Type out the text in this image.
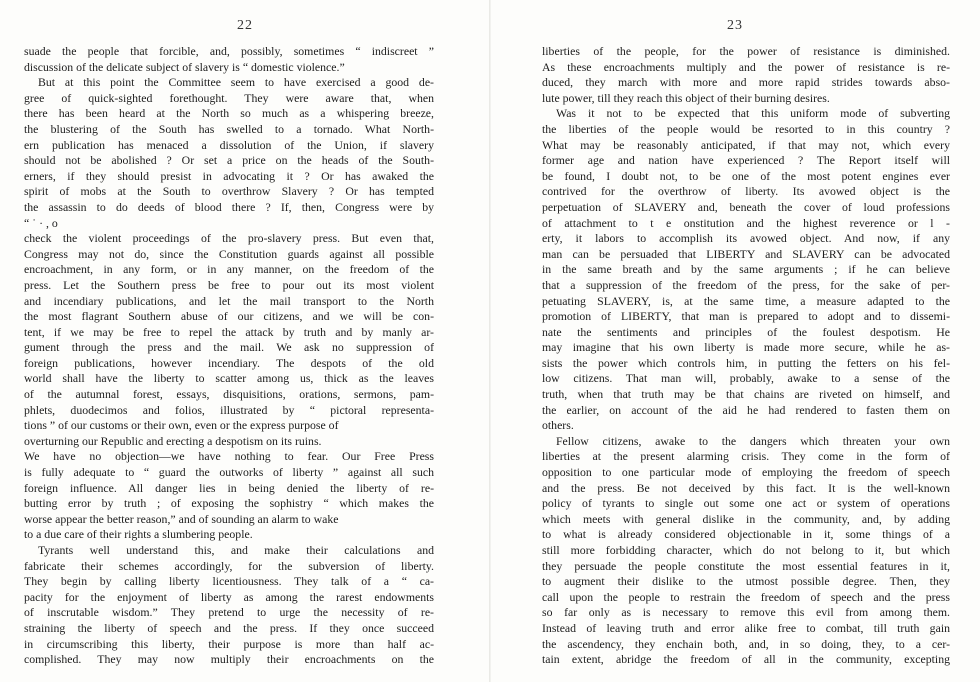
22
suade the people that forcible, and, possibly, sometimes “ indiscreet ”
discussion of the delicate subject of slavery is “ domestic violence.”
But at this point the Committee seem to have exercised a good de-
gree of quick-sighted forethought. They were aware that, when
there has been heard at the North so much as a whispering breeze,
the blustering of the South has swelled to a tornado. What North-
ern publication has menaced a dissolution of the Union, if slavery
should not be abolished ? Or set a price on the heads of the South-
erners, if they should presist in advocating it ? Or has awaked the
spirit of mobs at the South to overthrow Slavery ? Or has tempted
the assassin to do deeds of blood there ? If, then, Congress were by
“ ˙ · , o
check the violent proceedings of the pro-slavery press. But even that,
Congress may not do, since the Constitution guards against all possible
encroachment, in any form, or in any manner, on the freedom of the
press. Let the Southern press be free to pour out its most violent
and incendiary publications, and let the mail transport to the North
the most flagrant Southern abuse of our citizens, and we will be con-
tent, if we may be free to repel the attack by truth and by manly ar-
gument through the press and the mail. We ask no suppression of
foreign publications, however incendiary. The despots of the old
world shall have the liberty to scatter among us, thick as the leaves
of the autumnal forest, essays, disquisitions, orations, sermons, pam-
phlets, duodecimos and folios, illustrated by “ pictoral representa-
tions ” of our customs or their own, even or the express purpose of
overturning our Republic and erecting a despotism on its ruins.
We have no objection—we have nothing to fear. Our Free Press
is fully adequate to “ guard the outworks of liberty ” against all such
foreign influence. All danger lies in being denied the liberty of re-
butting error by truth ; of exposing the sophistry “ which makes the
worse appear the better reason,” and of sounding an alarm to wake
to a due care of their rights a slumbering people.
Tyrants well understand this, and make their calculations and
fabricate their schemes accordingly, for the subversion of liberty.
They begin by calling liberty licentiousness. They talk of a “ ca-
pacity for the enjoyment of liberty as among the rarest endowments
of inscrutable wisdom.” They pretend to urge the necessity of re-
straining the liberty of speech and the press. If they once succeed
in circumscribing this liberty, their purpose is more than half ac-
complished. They may now multiply their encroachments on the
23
liberties of the people, for the power of resistance is diminished.
As these encroachments multiply and the power of resistance is re-
duced, they march with more and more rapid strides towards abso-
lute power, till they reach this object of their burning desires.
Was it not to be expected that this uniform mode of subverting
the liberties of the people would be resorted to in this country ?
What may be reasonably anticipated, if that may not, which every
former age and nation have experienced ? The Report itself will
be found, I doubt not, to be one of the most potent engines ever
contrived for the overthrow of liberty. Its avowed object is the
perpetuation of SLAVERY and, beneath the cover of loud professions
of attachment to t e onstitution and the highest reverence or l -
erty, it labors to accomplish its avowed object. And now, if any
man can be persuaded that LIBERTY and SLAVERY can be advocated
in the same breath and by the same arguments ; if he can believe
that a suppression of the freedom of the press, for the sake of per-
petuating SLAVERY, is, at the same time, a measure adapted to the
promotion of LIBERTY, that man is prepared to adopt and to dissemi-
nate the sentiments and principles of the foulest despotism. He
may imagine that his own liberty is made more secure, while he as-
sists the power which controls him, in putting the fetters on his fel-
low citizens. That man will, probably, awake to a sense of the
truth, when that truth may be that chains are riveted on himself, and
the earlier, on account of the aid he had rendered to fasten them on
others.
Fellow citizens, awake to the dangers which threaten your own
liberties at the present alarming crisis. They come in the form of
opposition to one particular mode of employing the freedom of speech
and the press. Be not deceived by this fact. It is the well-known
policy of tyrants to single out some one act or system of operations
which meets with general dislike in the community, and, by adding
to what is already considered objectionable in it, some things of a
still more forbidding character, which do not belong to it, but which
they persuade the people constitute the most essential features in it,
to augment their dislike to the utmost possible degree. Then, they
call upon the people to restrain the freedom of speech and the press
so far only as is necessary to remove this evil from among them.
Instead of leaving truth and error alike free to combat, till truth gain
the ascendency, they enchain both, and, in so doing, they, to a cer-
tain extent, abridge the freedom of all in the community, excepting
